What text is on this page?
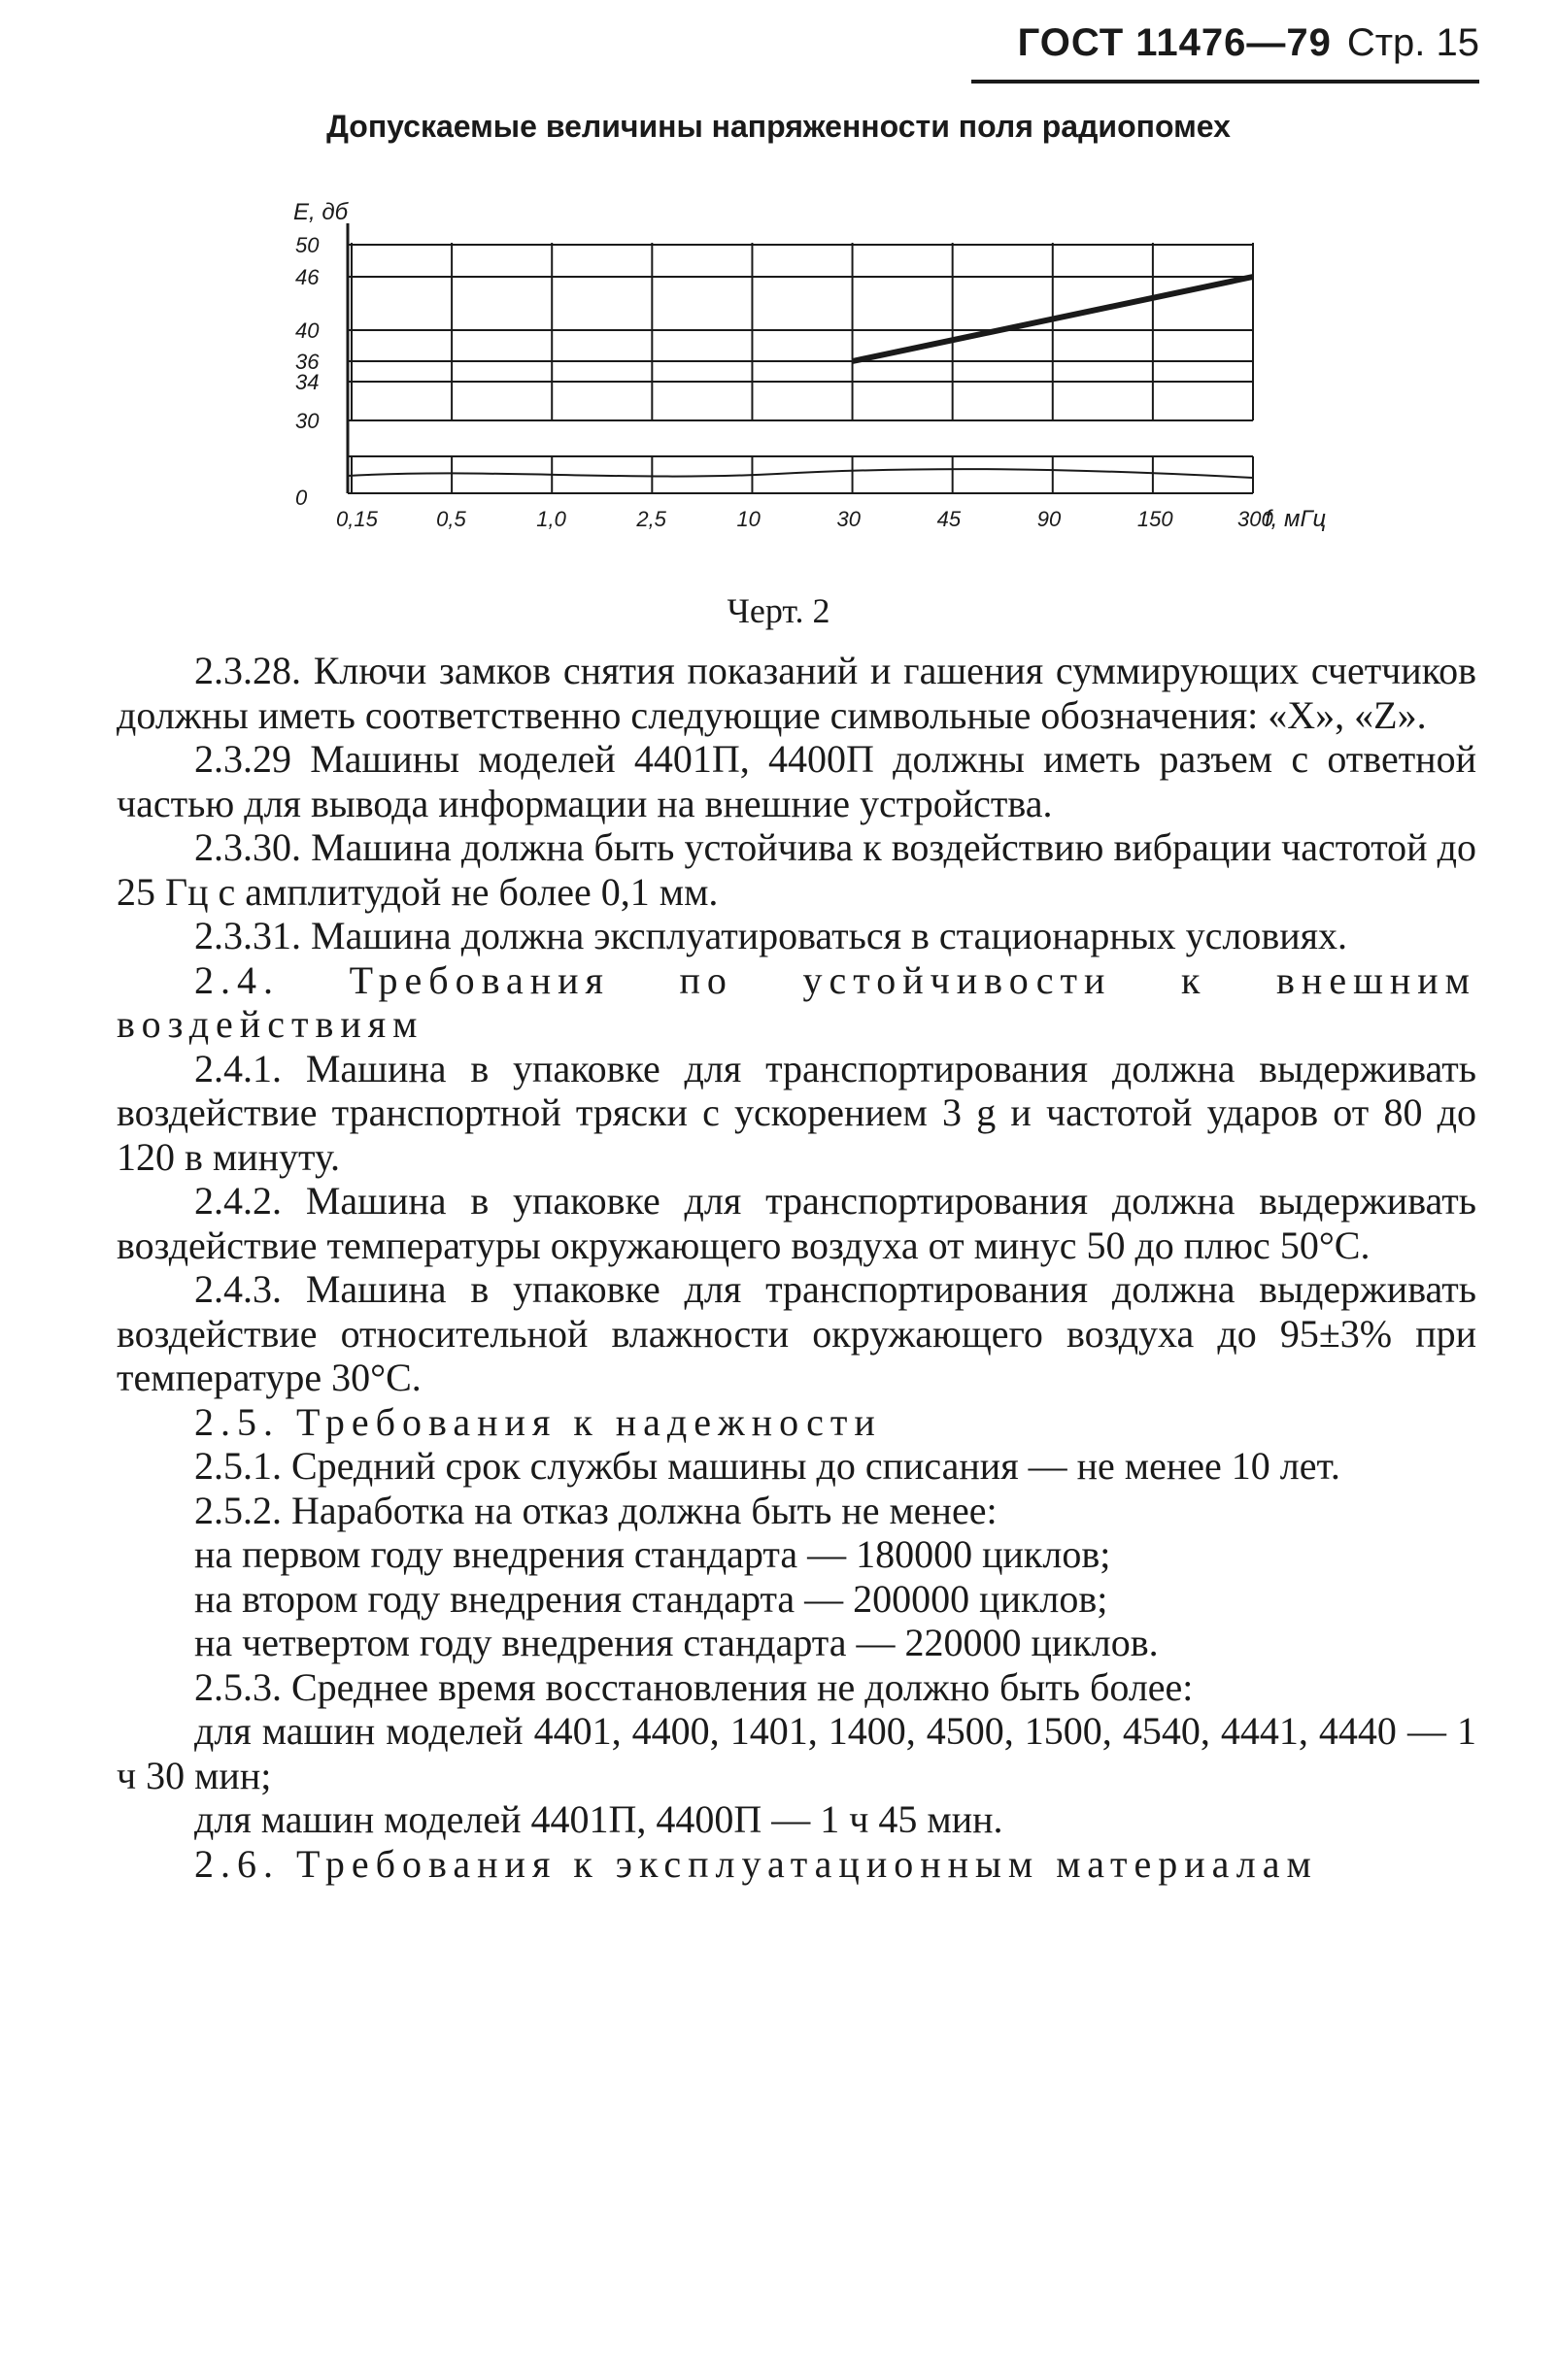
ГОСТ 11476—79 Стр. 15
Допускаемые величины напряженности поля радиопомех
0
30
34
36
40
46
50
E, дб
0,15	0,5	1,0	2,5	10	30	45	90	150	300
f, мГц
Черт. 2

2.3.28. Ключи замков снятия показаний и гашения суммирующих счетчиков должны иметь соответственно следующие символьные обозначения: «X», «Z».

2.3.29 Машины моделей 4401П, 4400П должны иметь разъем с ответной частью для вывода информации на внешние устройства.

2.3.30. Машина должна быть устойчива к воздействию вибрации частотой до 25 Гц с амплитудой не более 0,1 мм.

2.3.31. Машина должна эксплуатироваться в стационарных условиях.

2.4. Требования по устойчивости к внешним воздействиям

2.4.1. Машина в упаковке для транспортирования должна выдерживать воздействие транспортной тряски с ускорением 3 g и частотой ударов от 80 до 120 в минуту.

2.4.2. Машина в упаковке для транспортирования должна выдерживать воздействие температуры окружающего воздуха от минус 50 до плюс 50°С.

2.4.3. Машина в упаковке для транспортирования должна выдерживать воздействие относительной влажности окружающего воздуха до 95±3% при температуре 30°С.

2.5. Требования к надежности

2.5.1. Средний срок службы машины до списания — не менее 10 лет.

2.5.2. Наработка на отказ должна быть не менее:

на первом году внедрения стандарта — 180000 циклов;

на втором году внедрения стандарта — 200000 циклов;

на четвертом году внедрения стандарта — 220000 циклов.

2.5.3. Среднее время восстановления не должно быть более:

для машин моделей 4401, 4400, 1401, 1400, 4500, 1500, 4540, 4441, 4440 — 1 ч 30 мин;

для машин моделей 4401П, 4400П — 1 ч 45 мин.

2.6. Требования к эксплуатационным материалам
